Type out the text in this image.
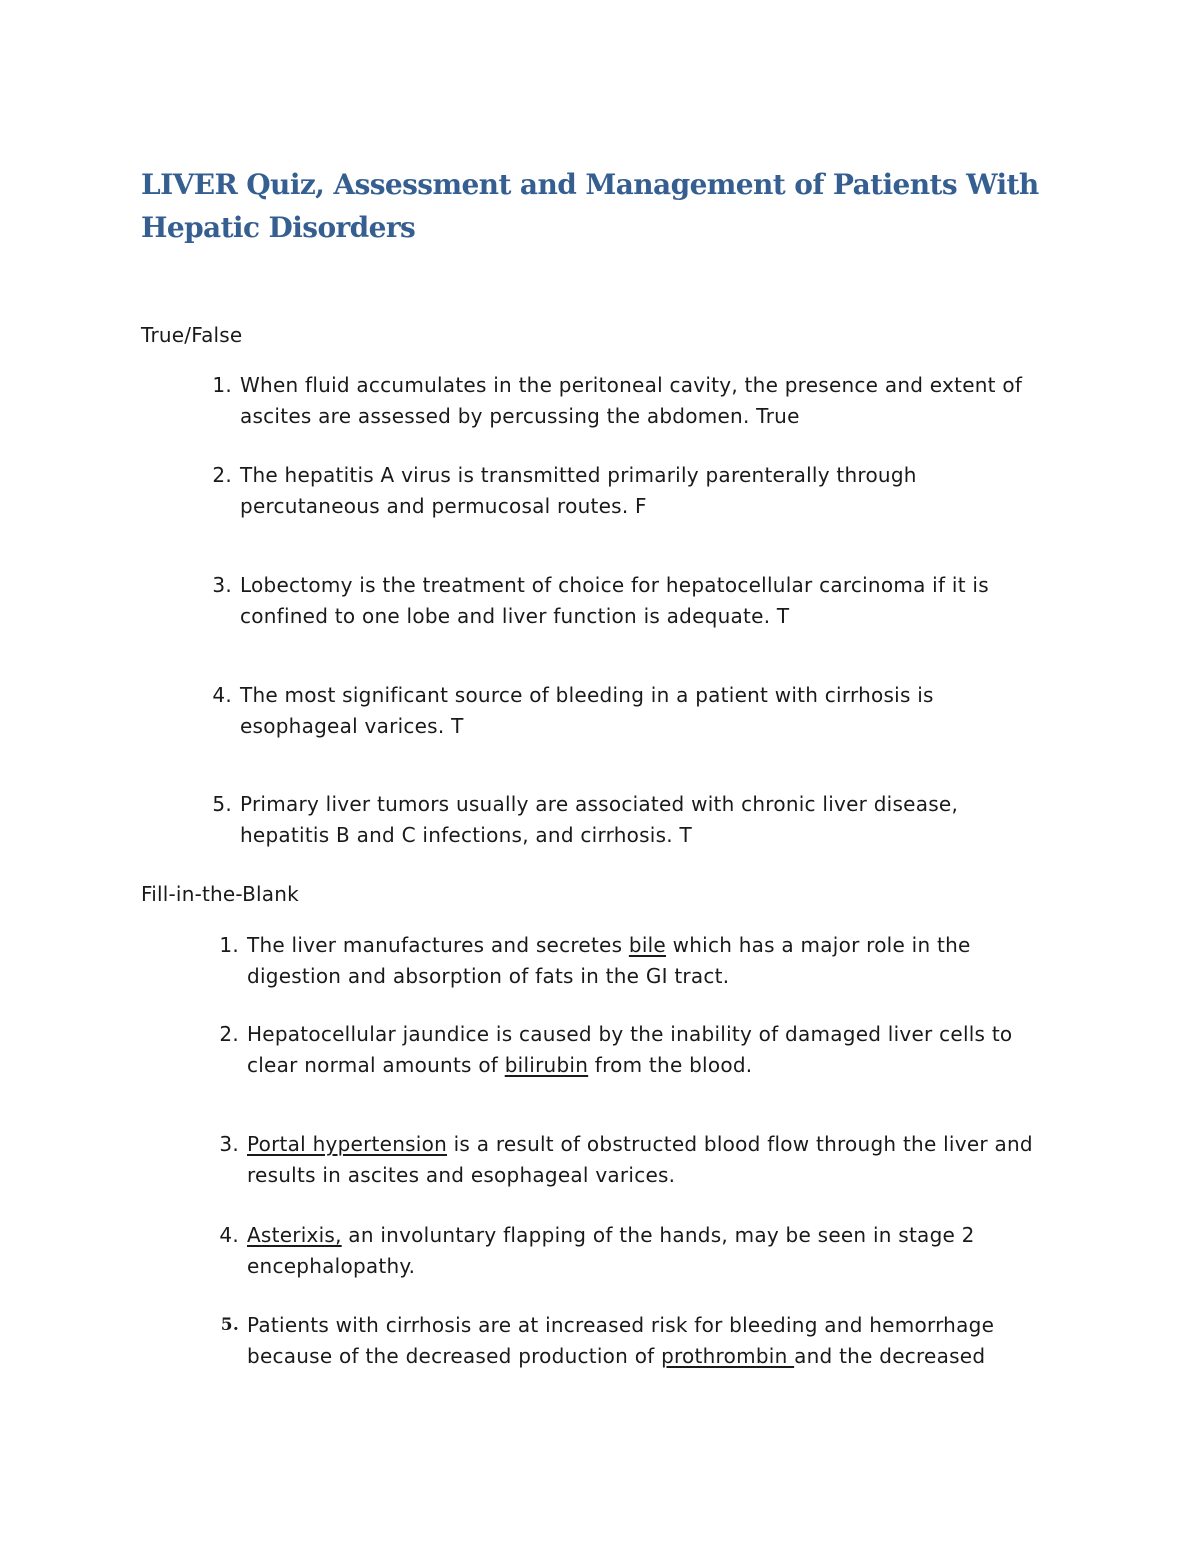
LIVER Quiz, Assessment and Management of Patients With Hepatic Disorders
True/False
1. When fluid accumulates in the peritoneal cavity, the presence and extent of ascites are assessed by percussing the abdomen. True
2. The hepatitis A virus is transmitted primarily parenterally through percutaneous and permucosal routes. F
3. Lobectomy is the treatment of choice for hepatocellular carcinoma if it is confined to one lobe and liver function is adequate. T
4. The most significant source of bleeding in a patient with cirrhosis is esophageal varices. T
5. Primary liver tumors usually are associated with chronic liver disease, hepatitis B and C infections, and cirrhosis. T
Fill-in-the-Blank
1. The liver manufactures and secretes bile which has a major role in the digestion and absorption of fats in the GI tract.
2. Hepatocellular jaundice is caused by the inability of damaged liver cells to clear normal amounts of bilirubin from the blood.
3. Portal hypertension is a result of obstructed blood flow through the liver and results in ascites and esophageal varices.
4. Asterixis, an involuntary flapping of the hands, may be seen in stage 2 encephalopathy.
5. Patients with cirrhosis are at increased risk for bleeding and hemorrhage because of the decreased production of prothrombin and the decreased
